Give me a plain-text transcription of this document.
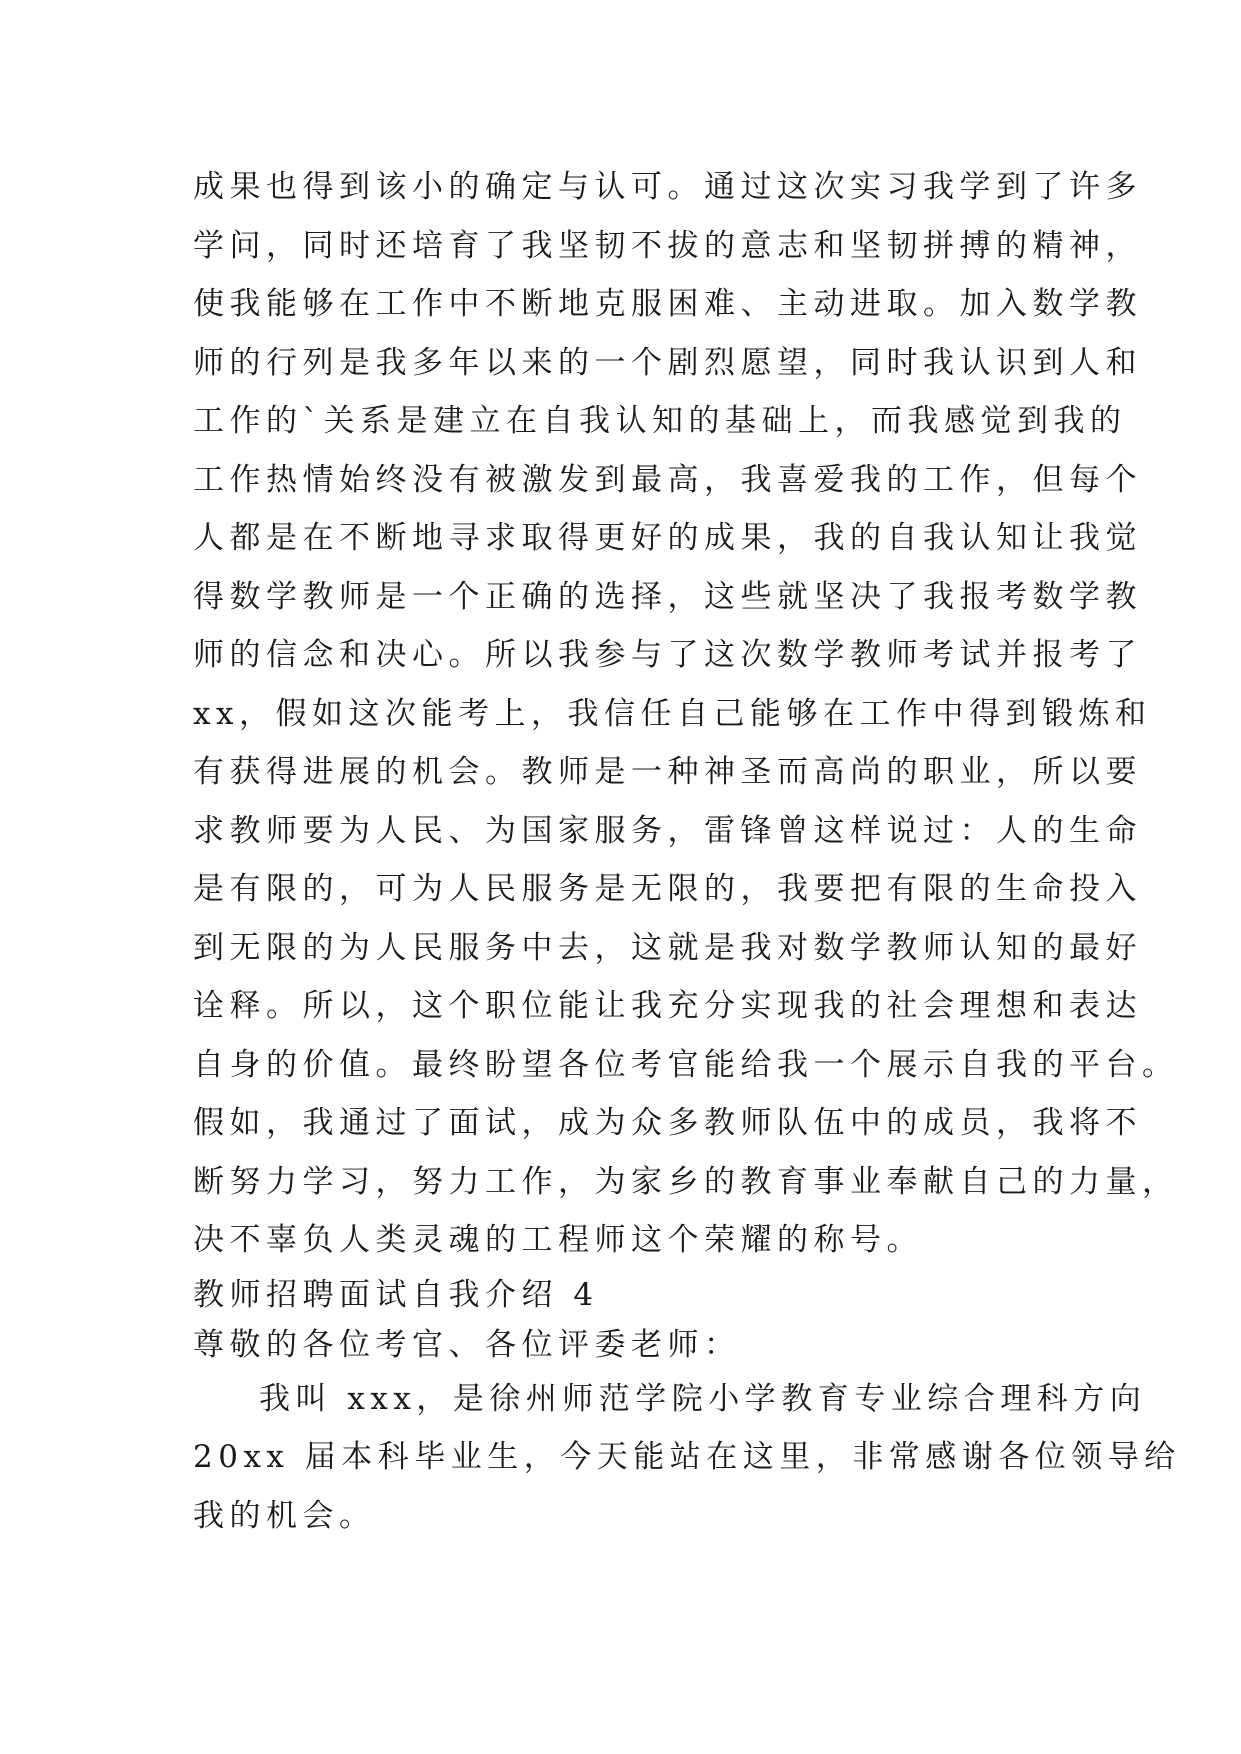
成果也得到该小的确定与认可。通过这次实习我学到了许多
学问，同时还培育了我坚韧不拔的意志和坚韧拼搏的精神，
使我能够在工作中不断地克服困难、主动进取。加入数学教
师的行列是我多年以来的一个剧烈愿望，同时我认识到人和
工作的`关系是建立在自我认知的基础上，而我感觉到我的
工作热情始终没有被激发到最高，我喜爱我的工作，但每个
人都是在不断地寻求取得更好的成果，我的自我认知让我觉
得数学教师是一个正确的选择，这些就坚决了我报考数学教
师的信念和决心。所以我参与了这次数学教师考试并报考了
xx，假如这次能考上，我信任自己能够在工作中得到锻炼和
有获得进展的机会。教师是一种神圣而高尚的职业，所以要
求教师要为人民、为国家服务，雷锋曾这样说过：人的生命
是有限的，可为人民服务是无限的，我要把有限的生命投入
到无限的为人民服务中去，这就是我对数学教师认知的最好
诠释。所以，这个职位能让我充分实现我的社会理想和表达
自身的价值。最终盼望各位考官能给我一个展示自我的平台。
假如，我通过了面试，成为众多教师队伍中的成员，我将不
断努力学习，努力工作，为家乡的教育事业奉献自己的力量，
决不辜负人类灵魂的工程师这个荣耀的称号。
教师招聘面试自我介绍 4
尊敬的各位考官、各位评委老师：
我叫 xxx，是徐州师范学院小学教育专业综合理科方向
20xx 届本科毕业生，今天能站在这里，非常感谢各位领导给
我的机会。
